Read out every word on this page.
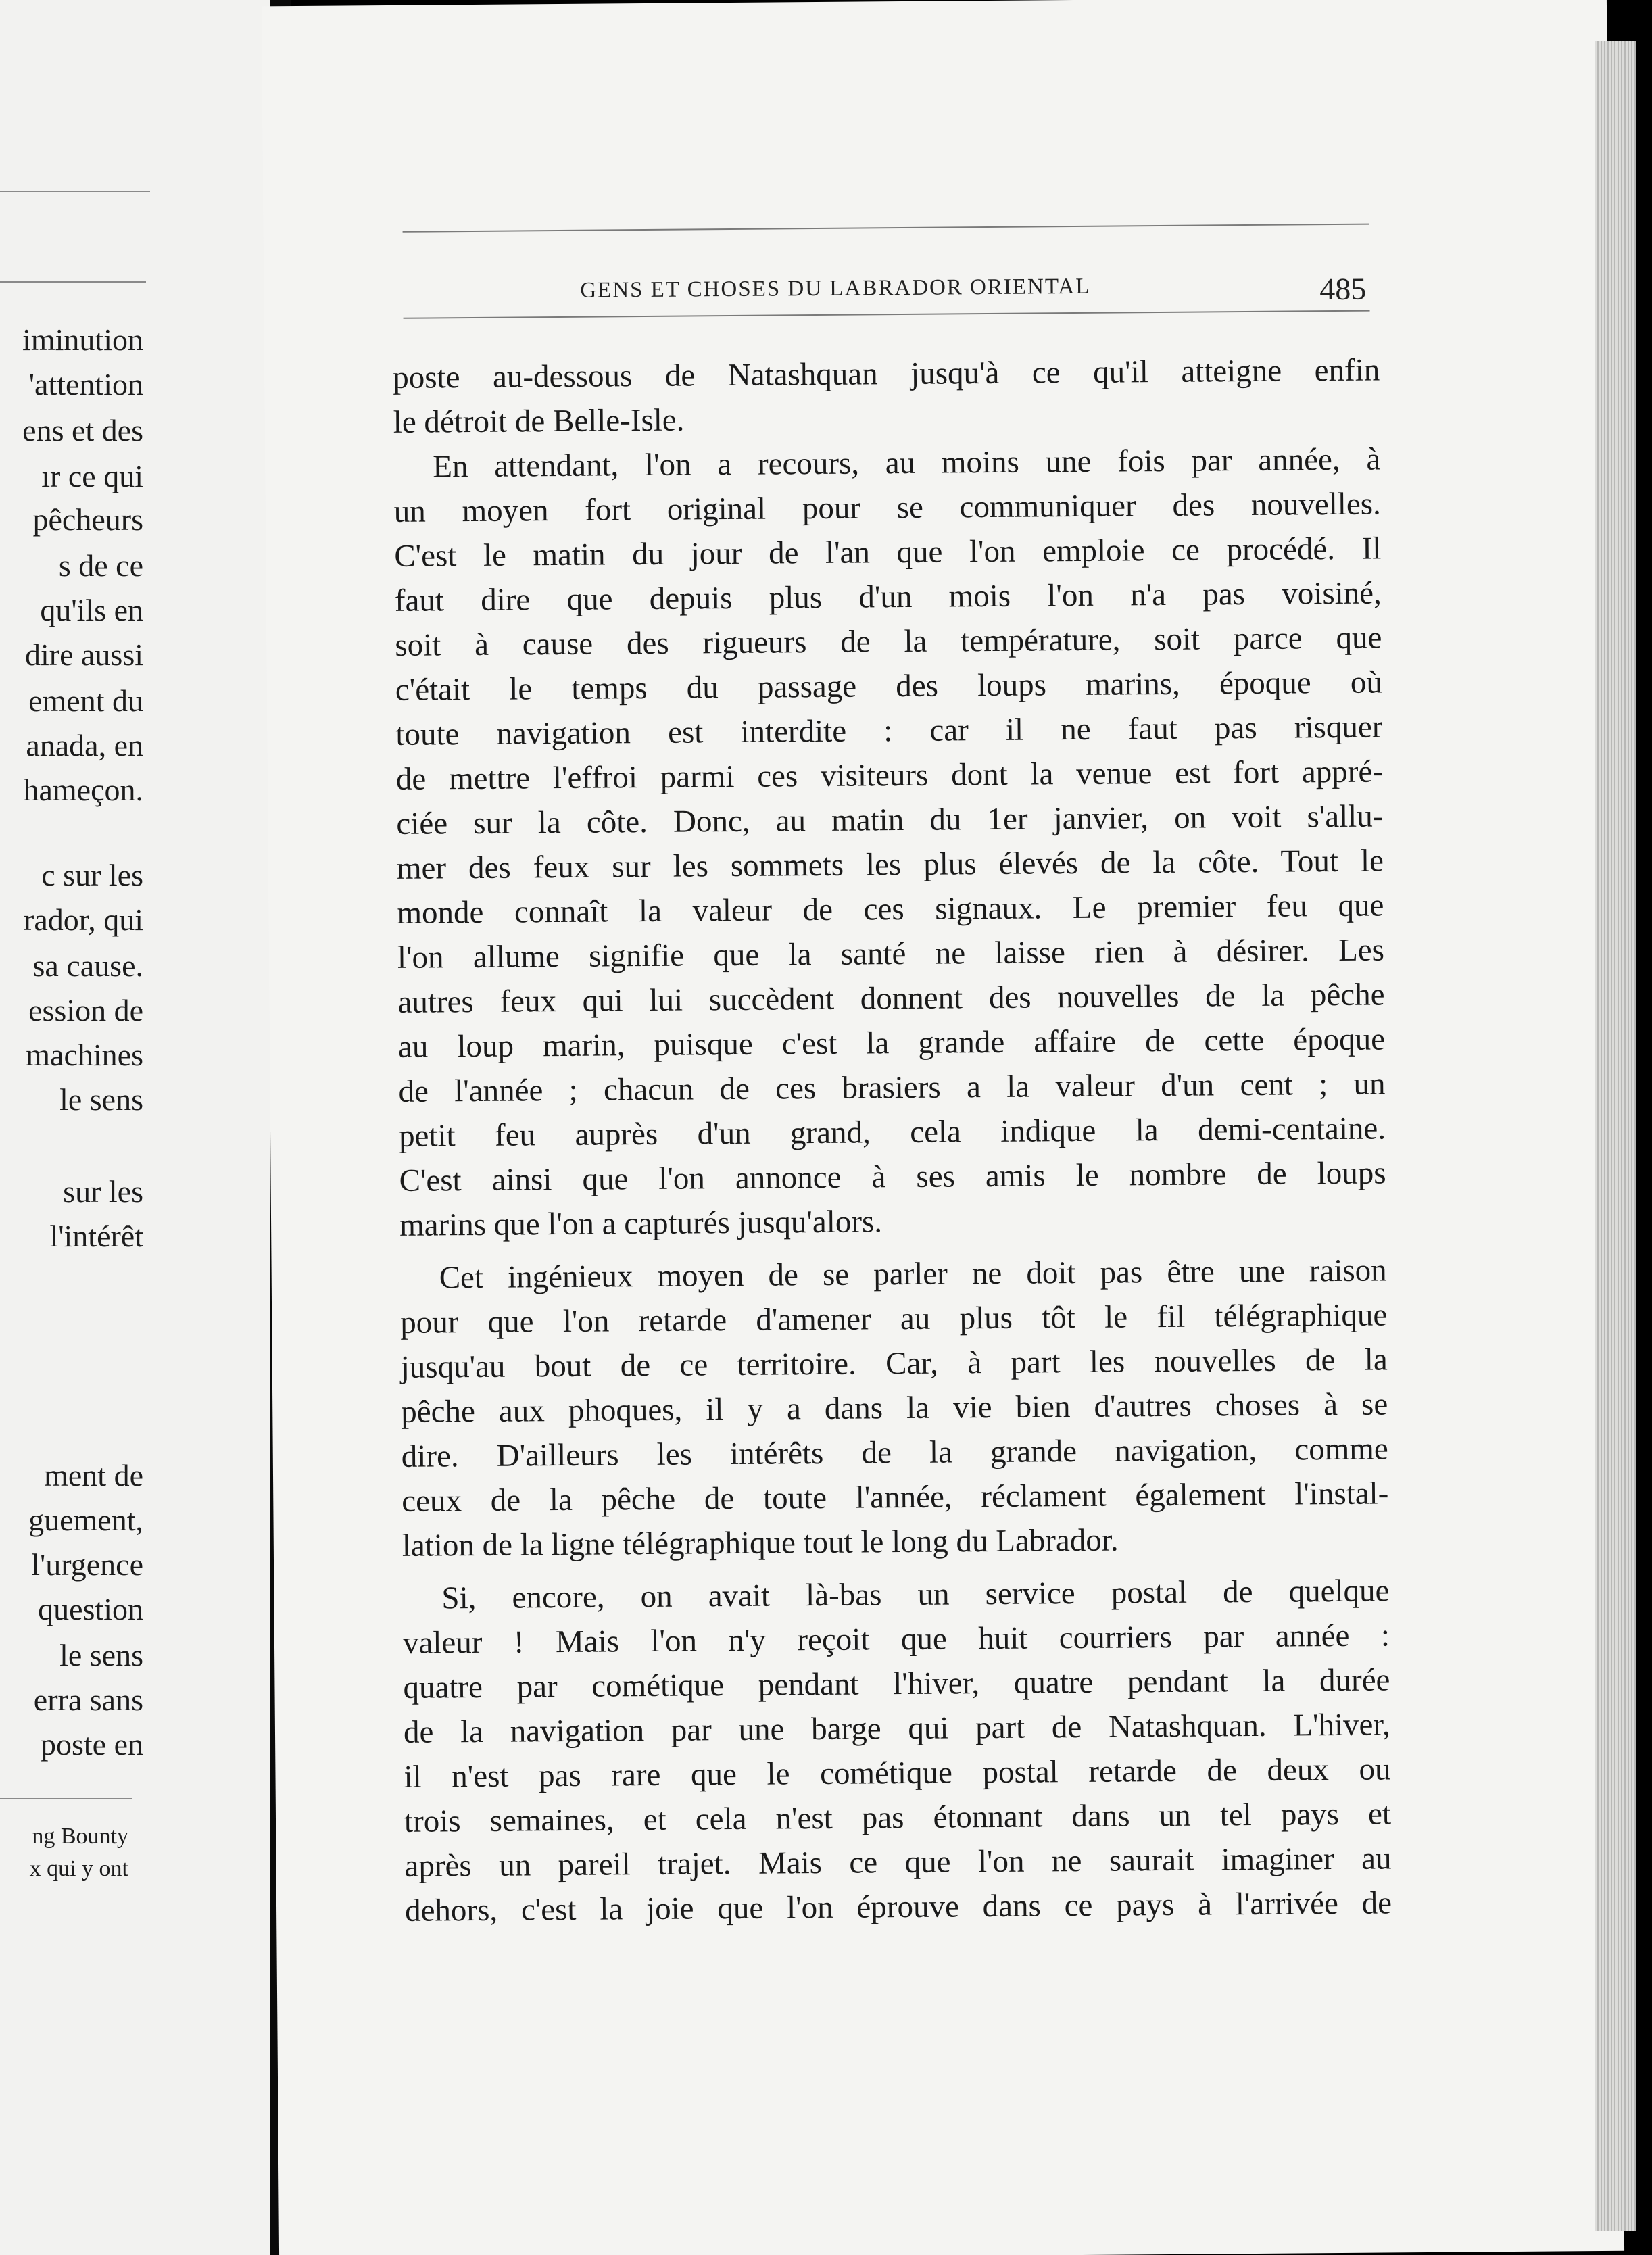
iminution
'attention
ens et des
ır ce qui
pêcheurs
s de ce
qu'ils en
dire aussi
ement du
anada, en
hameçon.
c sur les
rador, qui
sa cause.
ession de
machines
le sens
sur les
l'intérêt
ment de
guement,
l'urgence
question
le sens
erra sans
poste en
ng Bounty
x qui y ont
GENS ET CHOSES DU LABRADOR ORIENTAL	485
poste au-dessous de Natashquan jusqu'à ce qu'il atteigne enfin
le détroit de Belle-Isle.
En attendant, l'on a recours, au moins une fois par année, à
un moyen fort original pour se communiquer des nouvelles.
C'est le matin du jour de l'an que l'on emploie ce procédé. Il
faut dire que depuis plus d'un mois l'on n'a pas voisiné,
soit à cause des rigueurs de la température, soit parce que
c'était le temps du passage des loups marins, époque où
toute navigation est interdite : car il ne faut pas risquer
de mettre l'effroi parmi ces visiteurs dont la venue est fort appré-
ciée sur la côte. Donc, au matin du 1er janvier, on voit s'allu-
mer des feux sur les sommets les plus élevés de la côte. Tout le
monde connaît la valeur de ces signaux. Le premier feu que
l'on allume signifie que la santé ne laisse rien à désirer. Les
autres feux qui lui succèdent donnent des nouvelles de la pêche
au loup marin, puisque c'est la grande affaire de cette époque
de l'année ; chacun de ces brasiers a la valeur d'un cent ; un
petit feu auprès d'un grand, cela indique la demi-centaine.
C'est ainsi que l'on annonce à ses amis le nombre de loups
marins que l'on a capturés jusqu'alors.
Cet ingénieux moyen de se parler ne doit pas être une raison
pour que l'on retarde d'amener au plus tôt le fil télégraphique
jusqu'au bout de ce territoire. Car, à part les nouvelles de la
pêche aux phoques, il y a dans la vie bien d'autres choses à se
dire. D'ailleurs les intérêts de la grande navigation, comme
ceux de la pêche de toute l'année, réclament également l'instal-
lation de la ligne télégraphique tout le long du Labrador.
Si, encore, on avait là-bas un service postal de quelque
valeur ! Mais l'on n'y reçoit que huit courriers par année :
quatre par cométique pendant l'hiver, quatre pendant la durée
de la navigation par une barge qui part de Natashquan. L'hiver,
il n'est pas rare que le cométique postal retarde de deux ou
trois semaines, et cela n'est pas étonnant dans un tel pays et
après un pareil trajet. Mais ce que l'on ne saurait imaginer au
dehors, c'est la joie que l'on éprouve dans ce pays à l'arrivée de
